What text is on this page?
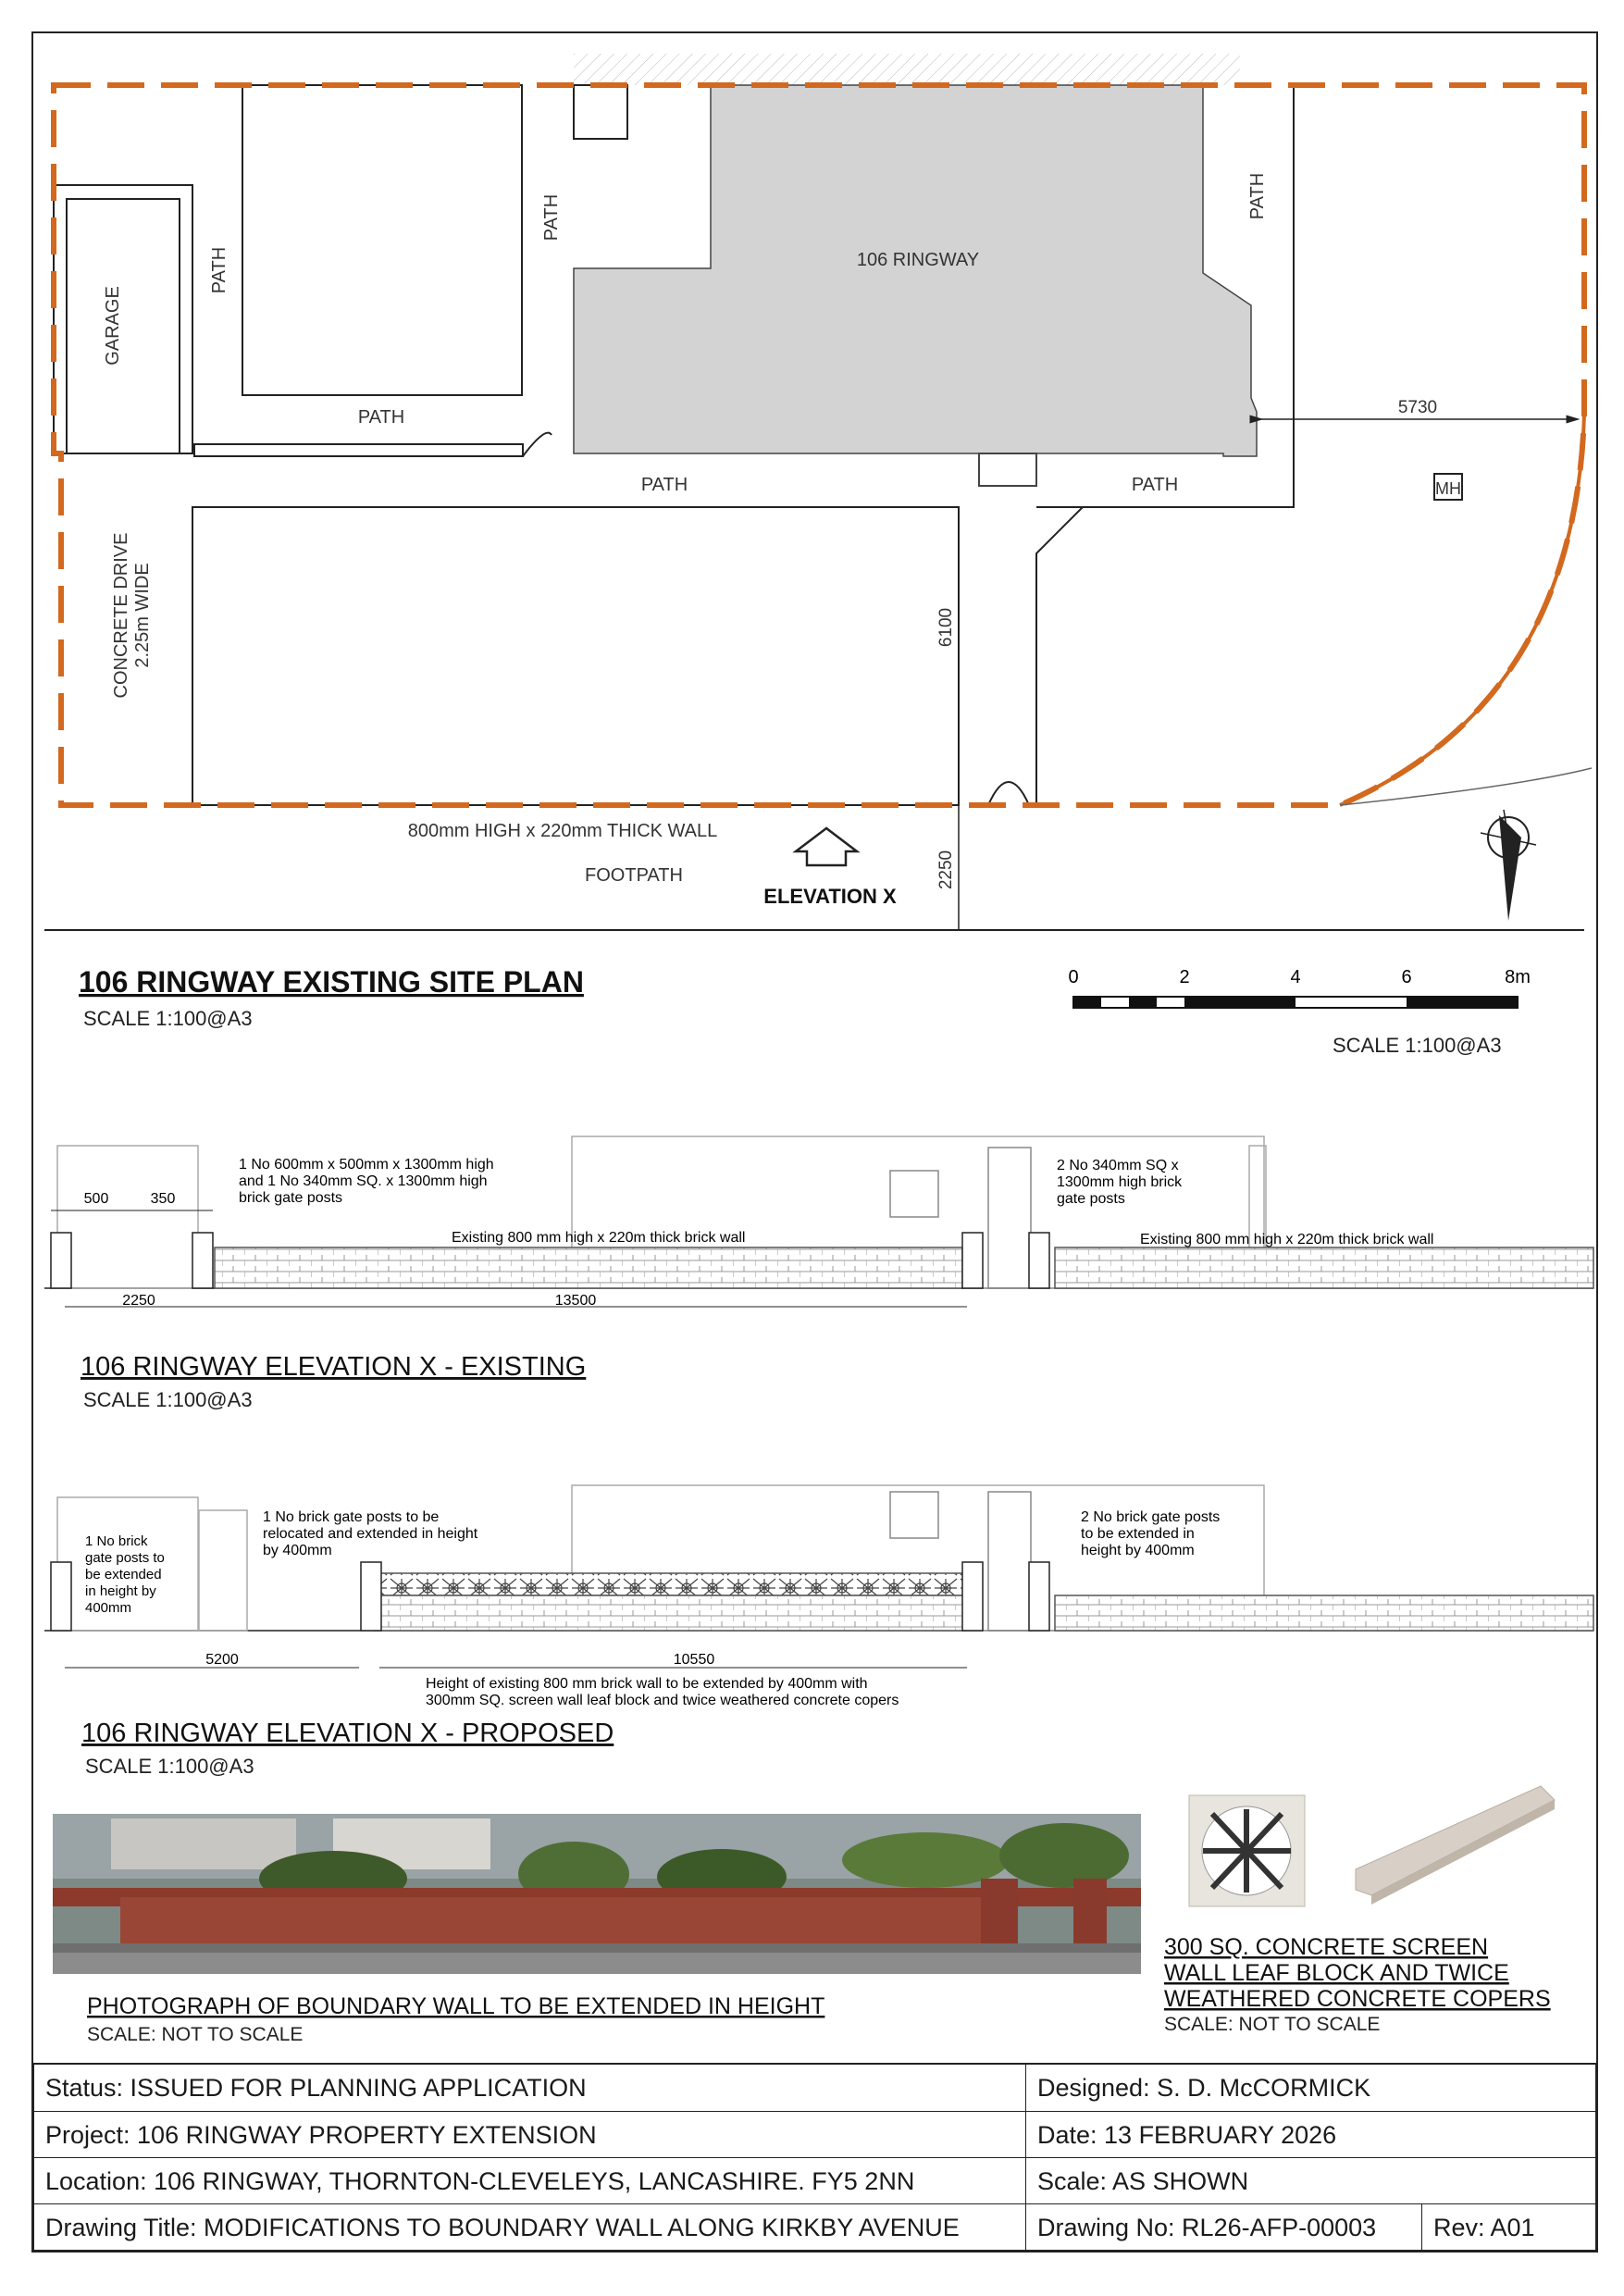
106 RINGWAY
GARAGE
PATH
PATH	PATH
PATH
PATH	PATH
CONCRETE DRIVE 2.25m WIDE
MH
5730
6100
2250
800mm HIGH x 220mm THICK WALL
FOOTPATH
ELEVATION X
106 RINGWAY EXISTING SITE PLAN
SCALE 1:100@A3
0	2	4	6	8m
SCALE 1:100@A3
500	350
2250	13500
1 No 600mm x 500mm x 1300mm high
and 1 No 340mm SQ. x 1300mm high
brick gate posts
2 No 340mm SQ x
1300mm high brick
gate posts
Existing 800 mm high x 220m thick brick wall	Existing 800 mm high x 220m thick brick wall
106 RINGWAY ELEVATION X - EXISTING
SCALE 1:100@A3
5200	10550
1 No brick
gate posts to
be extended
in height by
400mm
1 No brick gate posts to be
relocated and extended in height
by 400mm
2 No brick gate posts
to be extended in
height by 400mm
Height of existing 800 mm brick wall to be extended by 400mm with
300mm SQ. screen wall leaf block and twice weathered concrete copers
106 RINGWAY ELEVATION X - PROPOSED
SCALE 1:100@A3
PHOTOGRAPH OF BOUNDARY WALL TO BE EXTENDED IN HEIGHT
SCALE: NOT TO SCALE
300 SQ. CONCRETE SCREEN
WALL LEAF BLOCK AND TWICE
WEATHERED CONCRETE COPERS
SCALE: NOT TO SCALE
Status: ISSUED FOR PLANNING APPLICATION	Designed: S. D. McCORMICK
Project: 106 RINGWAY PROPERTY EXTENSION	Date: 13 FEBRUARY 2026
Location: 106 RINGWAY, THORNTON-CLEVELEYS, LANCASHIRE. FY5 2NN	Scale: AS SHOWN
Drawing Title: MODIFICATIONS TO BOUNDARY WALL ALONG KIRKBY AVENUE	Drawing No: RL26-AFP-00003	Rev: A01
